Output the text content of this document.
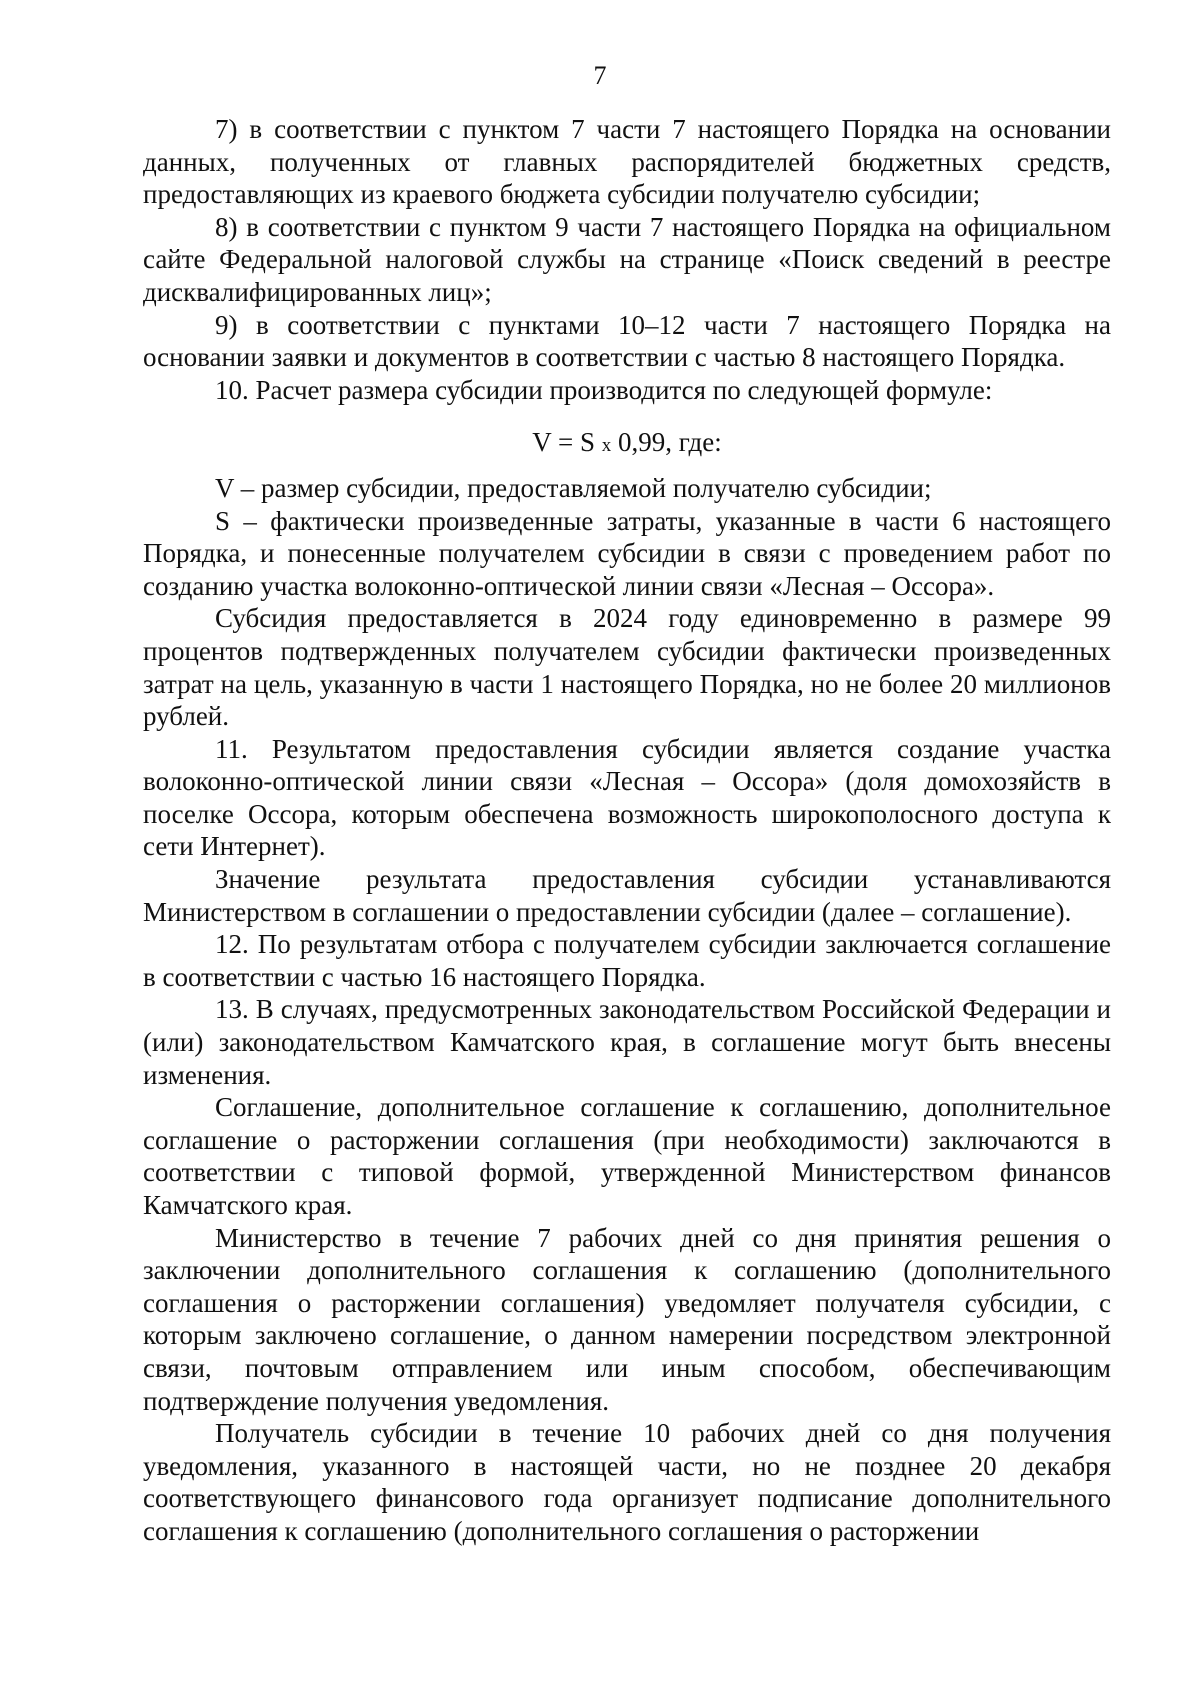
7

7) в соответствии с пунктом 7 части 7 настоящего Порядка на основании данных, полученных от главных распорядителей бюджетных средств, предоставляющих из краевого бюджета субсидии получателю субсидии;

8) в соответствии с пунктом 9 части 7 настоящего Порядка на официальном сайте Федеральной налоговой службы на странице «Поиск сведений в реестре дисквалифицированных лиц»;

9) в соответствии с пунктами 10–12 части 7 настоящего Порядка на основании заявки и документов в соответствии с частью 8 настоящего Порядка.

10. Расчет размера субсидии производится по следующей формуле:

V = S x 0,99, где:

V – размер субсидии, предоставляемой получателю субсидии;

S – фактически произведенные затраты, указанные в части 6 настоящего Порядка, и понесенные получателем субсидии в связи с проведением работ по созданию участка волоконно-оптической линии связи «Лесная – Оссора».

Субсидия предоставляется в 2024 году единовременно в размере 99 процентов подтвержденных получателем субсидии фактически произведенных затрат на цель, указанную в части 1 настоящего Порядка, но не более 20 миллионов рублей.

11. Результатом предоставления субсидии является создание участка волоконно-оптической линии связи «Лесная – Оссора» (доля домохозяйств в поселке Оссора, которым обеспечена возможность широкополосного доступа к сети Интернет).

Значение результата предоставления субсидии устанавливаются Министерством в соглашении о предоставлении субсидии (далее – соглашение).

12. По результатам отбора с получателем субсидии заключается соглашение в соответствии с частью 16 настоящего Порядка.

13. В случаях, предусмотренных законодательством Российской Федерации и (или) законодательством Камчатского края, в соглашение могут быть внесены изменения.

Соглашение, дополнительное соглашение к соглашению, дополнительное соглашение о расторжении соглашения (при необходимости) заключаются в соответствии с типовой формой, утвержденной Министерством финансов Камчатского края.

Министерство в течение 7 рабочих дней со дня принятия решения о заключении дополнительного соглашения к соглашению (дополнительного соглашения о расторжении соглашения) уведомляет получателя субсидии, с которым заключено соглашение, о данном намерении посредством электронной связи, почтовым отправлением или иным способом, обеспечивающим подтверждение получения уведомления.

Получатель субсидии в течение 10 рабочих дней со дня получения уведомления, указанного в настоящей части, но не позднее 20 декабря соответствующего финансового года организует подписание дополнительного соглашения к соглашению (дополнительного соглашения о расторжении
